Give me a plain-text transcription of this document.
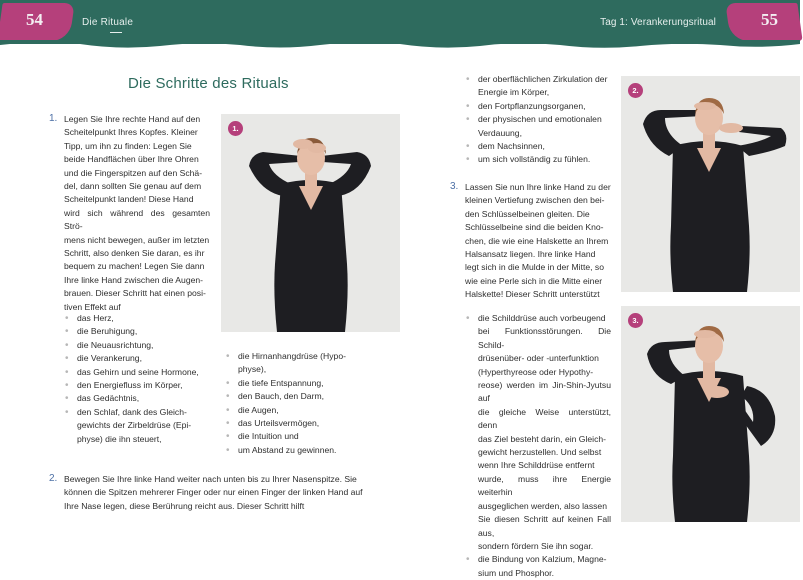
54	55
Die Rituale	Tag 1: Verankerungsritual
Die Schritte des Rituals
1. Legen Sie Ihre rechte Hand auf den
Scheitelpunkt Ihres Kopfes. Kleiner
Tipp, um ihn zu finden: Legen Sie
beide Handflächen über Ihre Ohren
und die Fingerspitzen auf den Schä-
del, dann sollten Sie genau auf dem
Scheitelpunkt landen! Diese Hand
wird sich während des gesamten Strö-
mens nicht bewegen, außer im letzten
Schritt, also denken Sie daran, es ihr
bequem zu machen! Legen Sie dann
Ihre linke Hand zwischen die Augen-
brauen. Dieser Schritt hat einen posi-
tiven Effekt auf
• das Herz,
• die Beruhigung,
• die Neuausrichtung,
• die Verankerung,
• das Gehirn und seine Hormone,
• den Energiefluss im Körper,
• das Gedächtnis,
• den Schlaf, dank des Gleich-
gewichts der Zirbeldrüse (Epi-
physe) die ihn steuert,
• die Hirnanhangdrüse (Hypo-
physe),
• die tiefe Entspannung,
• den Bauch, den Darm,
• die Augen,
• das Urteilsvermögen,
• die Intuition und
• um Abstand zu gewinnen.
2. Bewegen Sie Ihre linke Hand weiter nach unten bis zu Ihrer Nasenspitze. Sie
können die Spitzen mehrerer Finger oder nur einen Finger der linken Hand auf
Ihre Nase legen, diese Berührung reicht aus. Dieser Schritt hilft
• der oberflächlichen Zirkulation der
Energie im Körper,
• den Fortpflanzungsorganen,
• der physischen und emotionalen
Verdauung,
• dem Nachsinnen,
• um sich vollständig zu fühlen.
3. Lassen Sie nun Ihre linke Hand zu der
kleinen Vertiefung zwischen den bei-
den Schlüsselbeinen gleiten. Die
Schlüsselbeine sind die beiden Kno-
chen, die wie eine Halskette an Ihrem
Halsansatz liegen. Ihre linke Hand
legt sich in die Mulde in der Mitte, so
wie eine Perle sich in die Mitte einer
Halskette! Dieser Schritt unterstützt
• die Schilddrüse auch vorbeugend
bei Funktionsstörungen. Die Schild-
drüsenüber- oder -unterfunktion
(Hyperthyreose oder Hypothy-
reose) werden im Jin-Shin-Jyutsu auf
die gleiche Weise unterstützt, denn
das Ziel besteht darin, ein Gleich-
gewicht herzustellen. Und selbst
wenn Ihre Schilddrüse entfernt
wurde, muss ihre Energie weiterhin
ausgeglichen werden, also lassen
Sie diesen Schritt auf keinen Fall aus,
sondern fördern Sie ihn sogar.
• die Bindung von Kalzium, Magne-
sium und Phosphor.
1.
2.
3.
